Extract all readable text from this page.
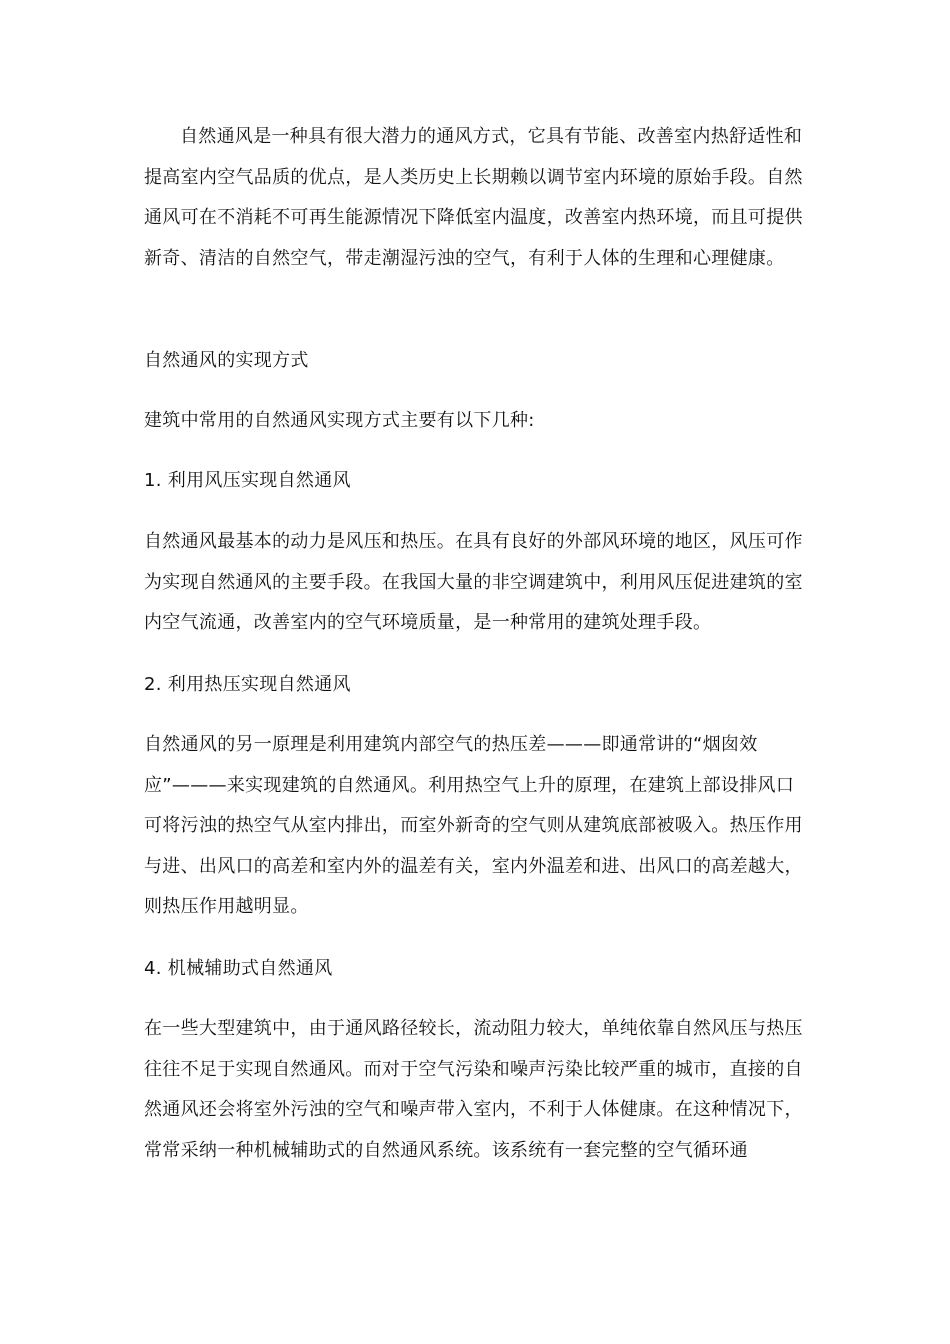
自然通风是一种具有很大潜力的通风方式，它具有节能、改善室内热舒适性和提高室内空气品质的优点，是人类历史上长期赖以调节室内环境的原始手段。自然通风可在不消耗不可再生能源情况下降低室内温度，改善室内热环境，而且可提供新奇、清洁的自然空气，带走潮湿污浊的空气，有利于人体的生理和心理健康。

自然通风的实现方式
建筑中常用的自然通风实现方式主要有以下几种:
1. 利用风压实现自然通风

自然通风最基本的动力是风压和热压。在具有良好的外部风环境的地区，风压可作为实现自然通风的主要手段。在我国大量的非空调建筑中，利用风压促进建筑的室内空气流通，改善室内的空气环境质量，是一种常用的建筑处理手段。

2. 利用热压实现自然通风

自然通风的另一原理是利用建筑内部空气的热压差———即通常讲的“烟囱效应”———来实现建筑的自然通风。利用热空气上升的原理，在建筑上部设排风口可将污浊的热空气从室内排出，而室外新奇的空气则从建筑底部被吸入。热压作用与进、出风口的高差和室内外的温差有关，室内外温差和进、出风口的高差越大，则热压作用越明显。

4. 机械辅助式自然通风

在一些大型建筑中，由于通风路径较长，流动阻力较大，单纯依靠自然风压与热压往往不足于实现自然通风。而对于空气污染和噪声污染比较严重的城市，直接的自然通风还会将室外污浊的空气和噪声带入室内，不利于人体健康。在这种情况下，常常采纳一种机械辅助式的自然通风系统。该系统有一套完整的空气循环通
